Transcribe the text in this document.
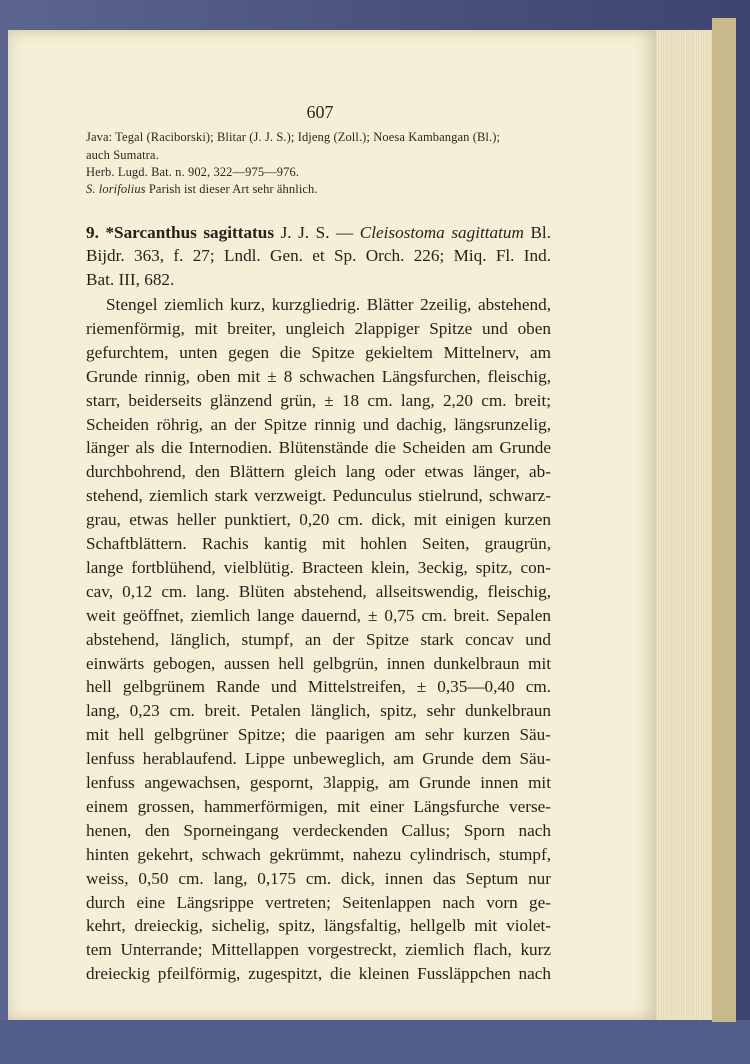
607
Java: Tegal (Raciborski); Blitar (J. J. S.); Idjeng (Zoll.); Noesa Kambangan (Bl.);
auch Sumatra.
Herb. Lugd. Bat. n. 902, 322—975—976.
S. lorifolius Parish ist dieser Art sehr ähnlich.
9. *Sarcanthus sagittatus J. J. S. — Cleisostoma sagittatum Bl.
Bijdr. 363, f. 27; Lndl. Gen. et Sp. Orch. 226; Miq. Fl. Ind.
Bat. III, 682.
Stengel ziemlich kurz, kurzgliedrig. Blätter 2zeilig, abstehend,
riemenförmig, mit breiter, ungleich 2lappiger Spitze und oben
gefurchtem, unten gegen die Spitze gekieltem Mittelnerv, am
Grunde rinnig, oben mit ± 8 schwachen Längsfurchen, fleischig,
starr, beiderseits glänzend grün, ± 18 cm. lang, 2,20 cm. breit;
Scheiden röhrig, an der Spitze rinnig und dachig, längsrunzelig,
länger als die Internodien. Blütenstände die Scheiden am Grunde
durchbohrend, den Blättern gleich lang oder etwas länger, ab-
stehend, ziemlich stark verzweigt. Pedunculus stielrund, schwarz-
grau, etwas heller punktiert, 0,20 cm. dick, mit einigen kurzen
Schaftblättern. Rachis kantig mit hohlen Seiten, graugrün,
lange fortblühend, vielblütig. Bracteen klein, 3eckig, spitz, con-
cav, 0,12 cm. lang. Blüten abstehend, allseitswendig, fleischig,
weit geöffnet, ziemlich lange dauernd, ± 0,75 cm. breit. Sepalen
abstehend, länglich, stumpf, an der Spitze stark concav und
einwärts gebogen, aussen hell gelbgrün, innen dunkelbraun mit
hell gelbgrünem Rande und Mittelstreifen, ± 0,35—0,40 cm.
lang, 0,23 cm. breit. Petalen länglich, spitz, sehr dunkelbraun
mit hell gelbgrüner Spitze; die paarigen am sehr kurzen Säu-
lenfuss herablaufend. Lippe unbeweglich, am Grunde dem Säu-
lenfuss angewachsen, gespornt, 3lappig, am Grunde innen mit
einem grossen, hammerförmigen, mit einer Längsfurche verse-
henen, den Sporneingang verdeckenden Callus; Sporn nach
hinten gekehrt, schwach gekrümmt, nahezu cylindrisch, stumpf,
weiss, 0,50 cm. lang, 0,175 cm. dick, innen das Septum nur
durch eine Längsrippe vertreten; Seitenlappen nach vorn ge-
kehrt, dreieckig, sichelig, spitz, längsfaltig, hellgelb mit violet-
tem Unterrande; Mittellappen vorgestreckt, ziemlich flach, kurz
dreieckig pfeilförmig, zugespitzt, die kleinen Fussläppchen nach
